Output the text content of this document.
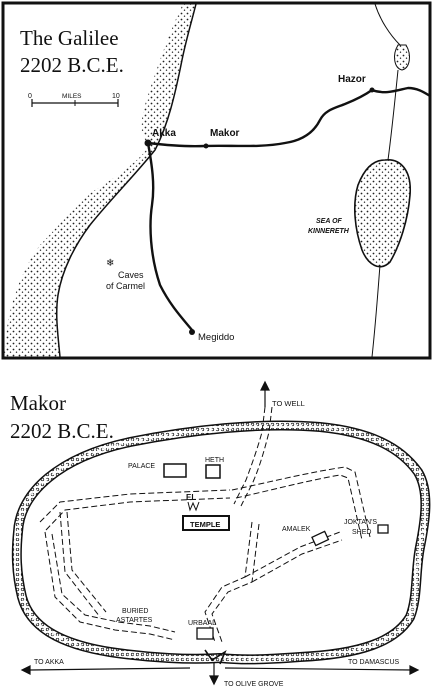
❄
The Galilee
2202 B.C.E.
0	MILES	10
Akka	Makor
Hazor
Megiddo
Caves
of Carmel
SEA OF
KINNERETH
Makor
2202 B.C.E.
TO WELL
PALACE
HETH
EL
TEMPLE
AMALEK
JOKTAN'S
SHED
BURIED
ASTARTES	URBAAL
TO AKKA
TO OLIVE GROVE
TO DAMASCUS
